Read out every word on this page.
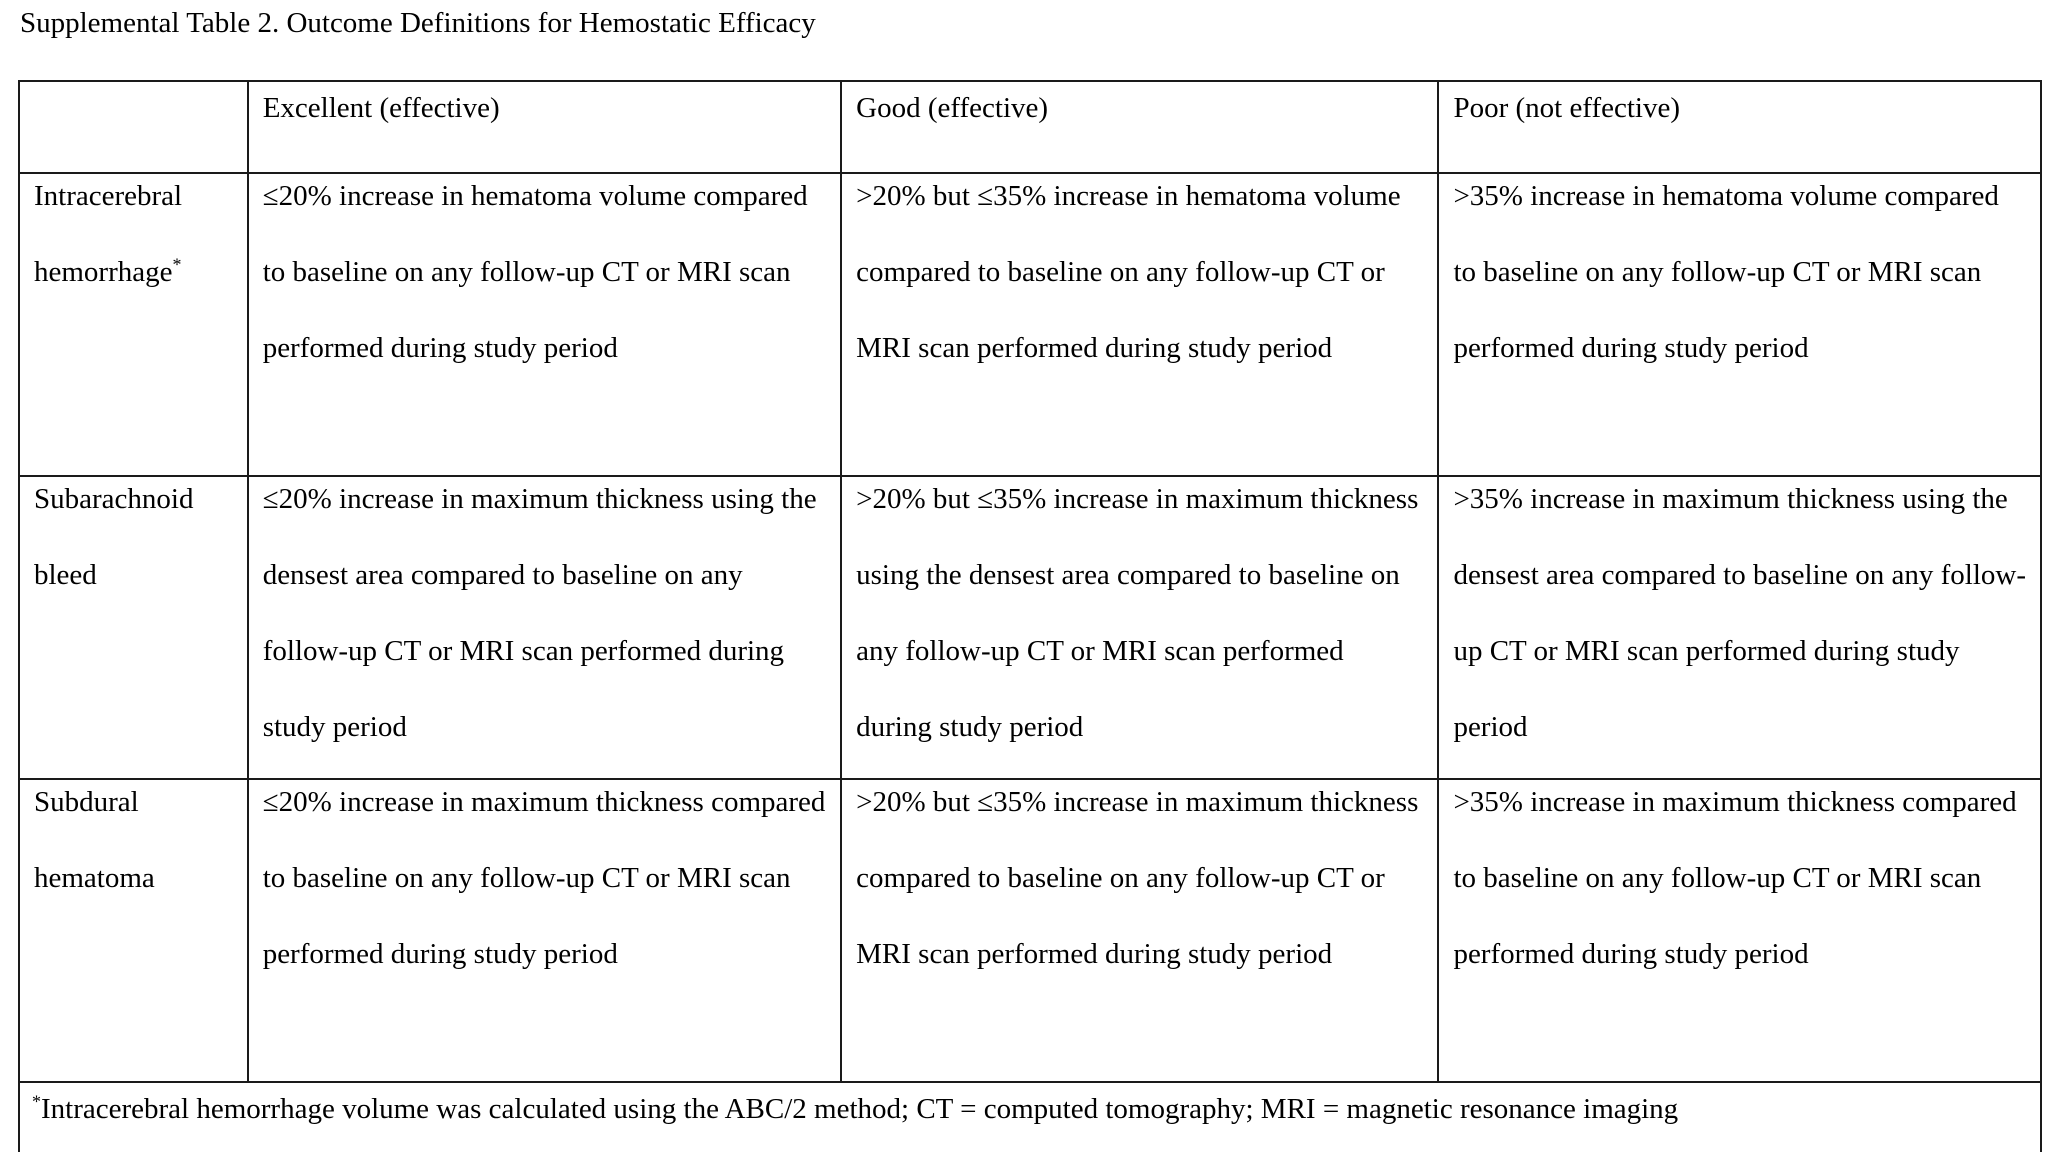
Supplemental Table 2. Outcome Definitions for Hemostatic Efficacy
	Excellent (effective)	Good (effective)	Poor (not effective)

Intracerebral hemorrhage*	≤20% increase in hematoma volume compared to baseline on any follow-up CT or MRI scan performed during study period	>20% but ≤35% increase in hematoma volume compared to baseline on any follow-up CT or MRI scan performed during study period	>35% increase in hematoma volume compared to baseline on any follow-up CT or MRI scan performed during study period

Subarachnoid bleed	≤20% increase in maximum thickness using the densest area compared to baseline on any follow-up CT or MRI scan performed during study period	>20% but ≤35% increase in maximum thickness using the densest area compared to baseline on any follow-up CT or MRI scan performed during study period	>35% increase in maximum thickness using the densest area compared to baseline on any follow-up CT or MRI scan performed during study period

Subdural hematoma	≤20% increase in maximum thickness compared to baseline on any follow-up CT or MRI scan performed during study period	>20% but ≤35% increase in maximum thickness compared to baseline on any follow-up CT or MRI scan performed during study period	>35% increase in maximum thickness compared to baseline on any follow-up CT or MRI scan performed during study period

*Intracerebral hemorrhage volume was calculated using the ABC/2 method; CT = computed tomography; MRI = magnetic resonance imaging			
